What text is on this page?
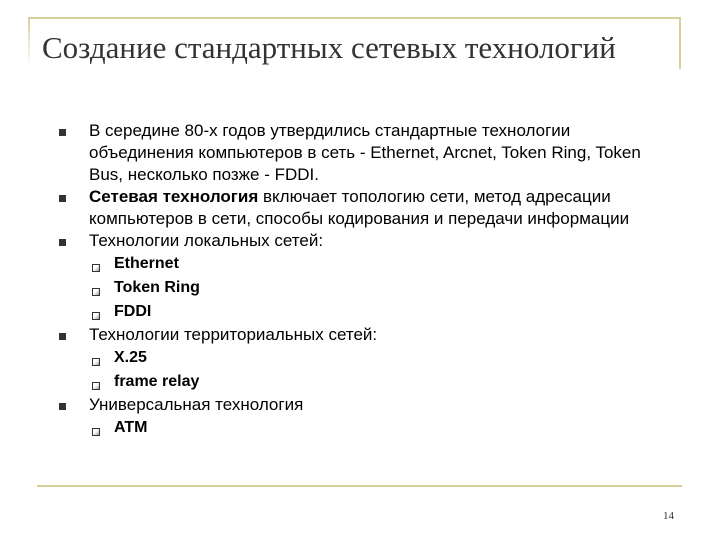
Создание стандартных сетевых технологий
В середине 80-х годов утвердились стандартные технологии объединения компьютеров в сеть - Ethernet, Arcnet, Token Ring, Token Bus, несколько позже - FDDI.
Сетевая технология включает топологию сети, метод адресации компьютеров в сети, способы кодирования и передачи информации
Технологии локальных сетей:
Ethernet
Token Ring
FDDI
Технологии территориальных сетей:
X.25
frame relay
Универсальная технология
ATM
14
